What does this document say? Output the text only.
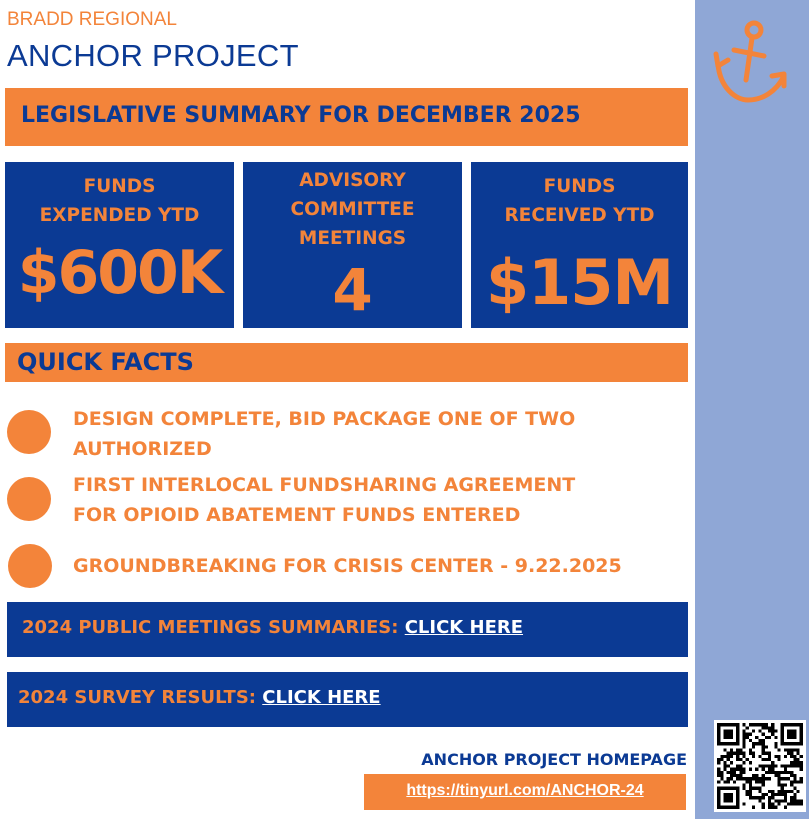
BRADD REGIONAL
ANCHOR PROJECT
LEGISLATIVE SUMMARY FOR DECEMBER 2025
FUNDS
EXPENDED YTD
$600K
ADVISORY
COMMITTEE
MEETINGS
4
FUNDS
RECEIVED YTD
$15M
QUICK FACTS
DESIGN COMPLETE, BID PACKAGE ONE OF TWO
AUTHORIZED
FIRST INTERLOCAL FUNDSHARING AGREEMENT
FOR OPIOID ABATEMENT FUNDS ENTERED
GROUNDBREAKING FOR CRISIS CENTER - 9.22.2025
2024 PUBLIC MEETINGS SUMMARIES: CLICK HERE
2024 SURVEY RESULTS: CLICK HERE
ANCHOR PROJECT HOMEPAGE
https://tinyurl.com/ANCHOR-24
